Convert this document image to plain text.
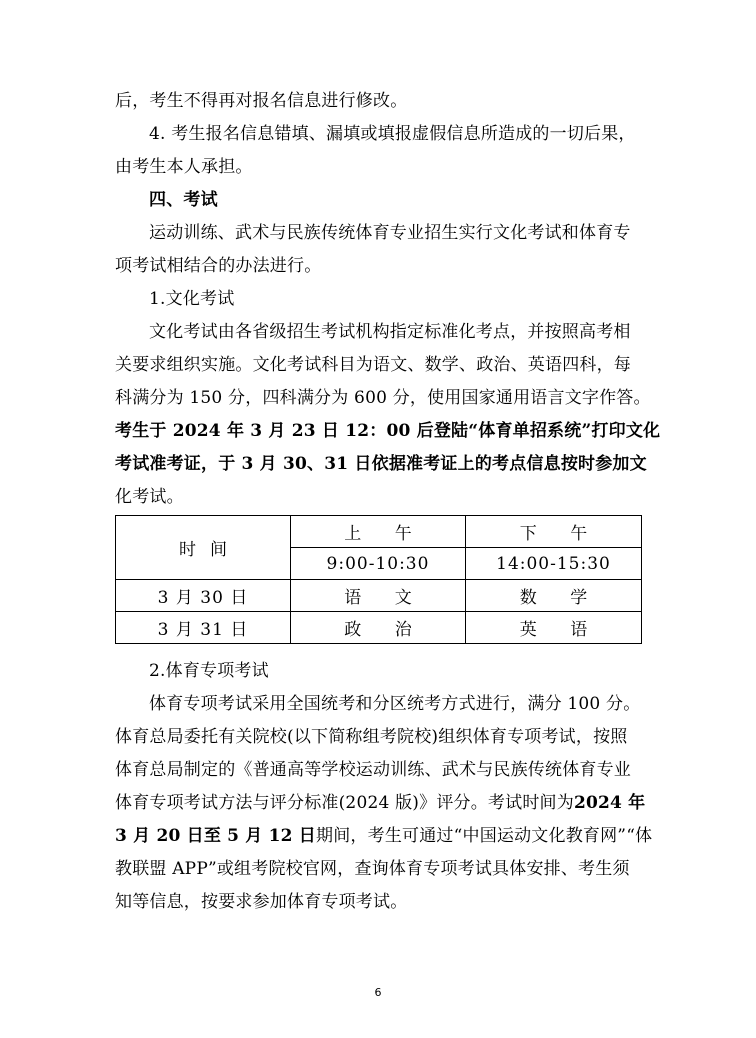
后，考生不得再对报名信息进行修改。
4. 考生报名信息错填、漏填或填报虚假信息所造成的一切后果，
由考生本人承担。
四、考试
运动训练、武术与民族传统体育专业招生实行文化考试和体育专
项考试相结合的办法进行。
1.文化考试
文化考试由各省级招生考试机构指定标准化考点，并按照高考相
关要求组织实施。文化考试科目为语文、数学、政治、英语四科，每
科满分为 150 分，四科满分为 600 分，使用国家通用语言文字作答。
考生于 2024 年 3 月 23 日 12：00 后登陆“体育单招系统”打印文化
考试准考证，于 3 月 30、31 日依据准考证上的考点信息按时参加文
化考试。
时间	上 午	下 午
	9:00-10:30	14:00-15:30
3 月 30 日	语 文	数 学
3 月 31 日	政 治	英 语
2.体育专项考试
体育专项考试采用全国统考和分区统考方式进行，满分 100 分。
体育总局委托有关院校(以下简称组考院校)组织体育专项考试，按照
体育总局制定的《普通高等学校运动训练、武术与民族传统体育专业
体育专项考试方法与评分标准(2024 版)》评分。考试时间为2024 年
3 月 20 日至 5 月 12 日期间，考生可通过“中国运动文化教育网”“体
教联盟 APP”或组考院校官网，查询体育专项考试具体安排、考生须
知等信息，按要求参加体育专项考试。
6
